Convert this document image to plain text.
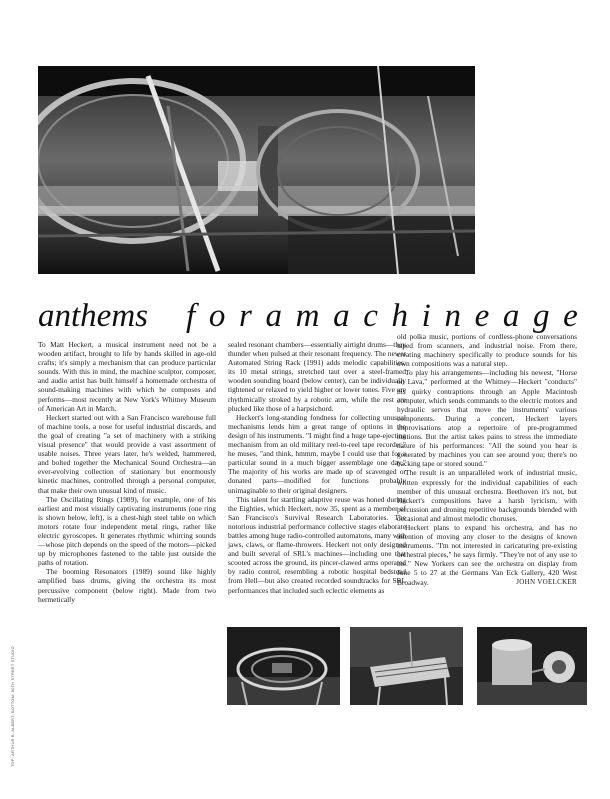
TOP: ARTHUR B. ALBERT; BOTTOM: 50TH STREET STUDIO
anthems f o r a m a c h i n e a g e

To Matt Heckert, a musical instrument need not be a wooden artifact, brought to life by hands skilled in age-old crafts; it's simply a mechanism that can produce particular sounds. With this in mind, the machine sculptor, composer, and audio artist has built himself a homemade orchestra of sound-making machines with which he composes and performs—most recently at New York's Whitney Museum of American Art in March.

Heckert started out with a San Francisco warehouse full of machine tools, a nose for useful industrial discards, and the goal of creating "a set of machinery with a striking visual presence" that would provide a vast assortment of usable noises. Three years later, he's welded, hammered, and bolted together the Mechanical Sound Orchestra—an ever-evolving collection of stationary but enormously kinetic machines, controlled through a personal computer, that make their own unusual kind of music.

The Oscillating Rings (1989), for example, one of his earliest and most visually captivating instruments (one ring is shown below, left), is a chest-high steel table on which motors rotate four independent metal rings, rather like electric gyroscopes. It generates rhythmic whirring sounds—whose pitch depends on the speed of the motors—picked up by microphones fastened to the table just outside the paths of rotation.

The booming Resonators (1989) sound like highly amplified bass drums, giving the orchestra its most percussive component (below right). Made from two hermetically

sealed resonant chambers—essentially airtight drums—they thunder when pulsed at their resonant frequency. The newer Automated String Rack (1991) adds melodic capabilities: its 10 metal strings, stretched taut over a steel-framed wooden sounding board (below center), can be individually tightened or relaxed to yield higher or lower tones. Five are rhythmically stroked by a robotic arm, while the rest are plucked like those of a harpsichord.

Heckert's long-standing fondness for collecting unusual mechanisms lends him a great range of options in the design of his instruments. "I might find a huge tape-ejecting mechanism from an old military reel-to-reel tape recorder," he muses, "and think, hmmm, maybe I could use that for a particular sound in a much bigger assemblage one day." The majority of his works are made up of scavenged or donated parts—modified for functions probably unimaginable to their original designers.

This talent for startling adaptive reuse was honed during the Eighties, which Heckert, now 35, spent as a member of San Francisco's Survival Research Laboratories. The notorious industrial performance collective stages elaborate battles among huge radio-controlled automatons, many with jaws, claws, or flame-throwers. Heckert not only designed and built several of SRL's machines—including one that scooted across the ground, its pincer-clawed arms operated by radio control, resembling a robotic hospital bedstead from Hell—but also created recorded soundtracks for SRL performances that included such eclectic elements as

old polka music, portions of cordless-phone conversations taped from scanners, and industrial noise. From there, creating machinery specifically to produce sounds for his own compositions was a natural step.

To play his arrangements—including his newest, "Horse on Lava," performed at the Whitney—Heckert "conducts" his quirky contraptions through an Apple Macintosh computer, which sends commands to the electric motors and hydraulic servos that move the instruments' various components. During a concert, Heckert layers improvisations atop a repertoire of pre-programmed motions. But the artist takes pains to stress the immediate nature of his performances: "All the sound you hear is generated by machines you can see around you; there's no backing tape or stored sound."

The result is an unparalleled work of industrial music, written expressly for the individual capabilities of each member of this unusual orchestra. Beethoven it's not, but Heckert's compositions have a harsh lyricism, with percussion and droning repetitive backgrounds blended with occasional and almost melodic choruses.

Heckert plans to expand his orchestra, and has no intention of moving any closer to the designs of known instruments. "I'm not interested in caricaturing pre-existing orchestral pieces," he says firmly. "They're not of any use to me." New Yorkers can see the orchestra on display from June 5 to 27 at the Germans Van Eck Gallery, 420 West Broadway.	JOHN VOELCKER
